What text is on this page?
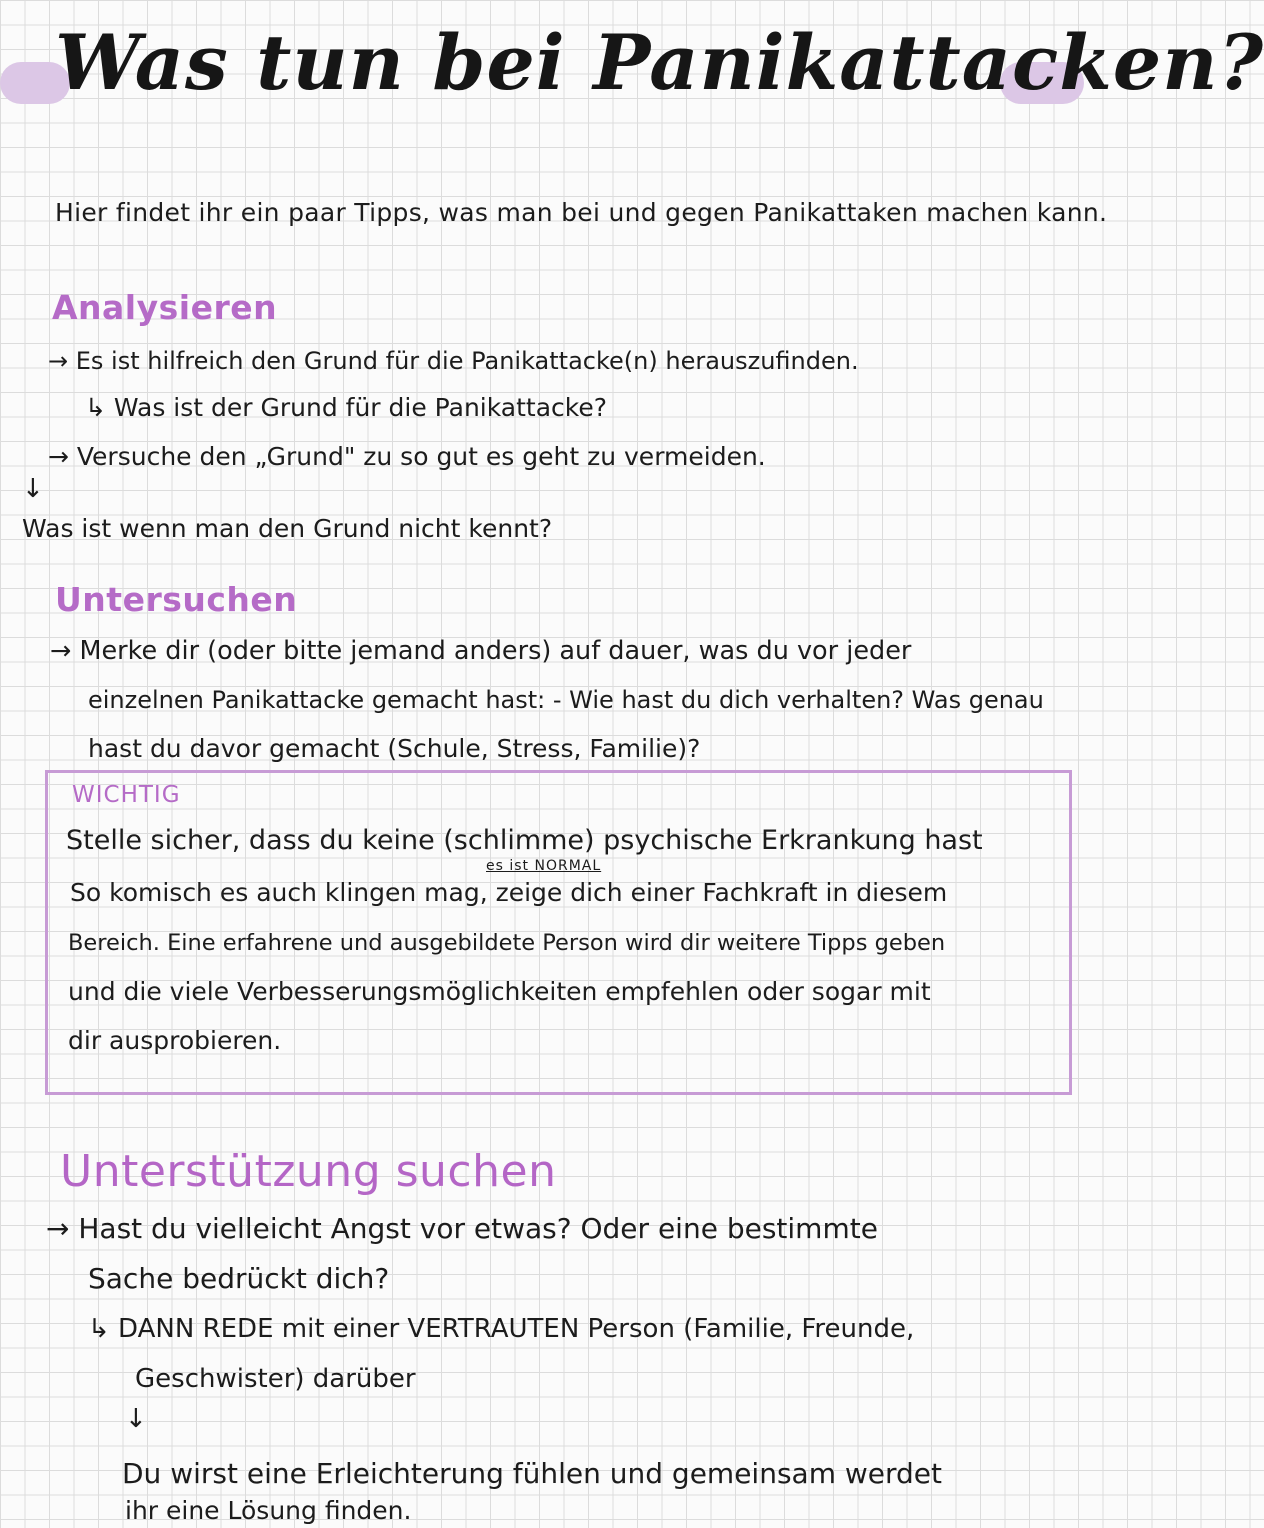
Was tun bei Panikattacken?
Hier findet ihr ein paar Tipps, was man bei und gegen Panikattaken machen kann.
Analysieren
→ Es ist hilfreich den Grund für die Panikattacke(n) herauszufinden.
↳ Was ist der Grund für die Panikattacke?
→ Versuche den „Grund" zu so gut es geht zu vermeiden.
↓
Was ist wenn man den Grund nicht kennt?
Untersuchen
→ Merke dir (oder bitte jemand anders) auf dauer, was du vor jeder
einzelnen Panikattacke gemacht hast: - Wie hast du dich verhalten? Was genau
hast du davor gemacht (Schule, Stress, Familie)?
WICHTIG
Stelle sicher, dass du keine (schlimme) psychische Erkrankung hast
es ist NORMAL
So komisch es auch klingen mag, zeige dich einer Fachkraft in diesem
Bereich. Eine erfahrene und ausgebildete Person wird dir weitere Tipps geben
und die viele Verbesserungsmöglichkeiten empfehlen oder sogar mit
dir ausprobieren.
Unterstützung suchen
→ Hast du vielleicht Angst vor etwas? Oder eine bestimmte
Sache bedrückt dich?
↳ DANN REDE mit einer VERTRAUTEN Person (Familie, Freunde,
Geschwister) darüber
↓
Du wirst eine Erleichterung fühlen und gemeinsam werdet
ihr eine Lösung finden.
